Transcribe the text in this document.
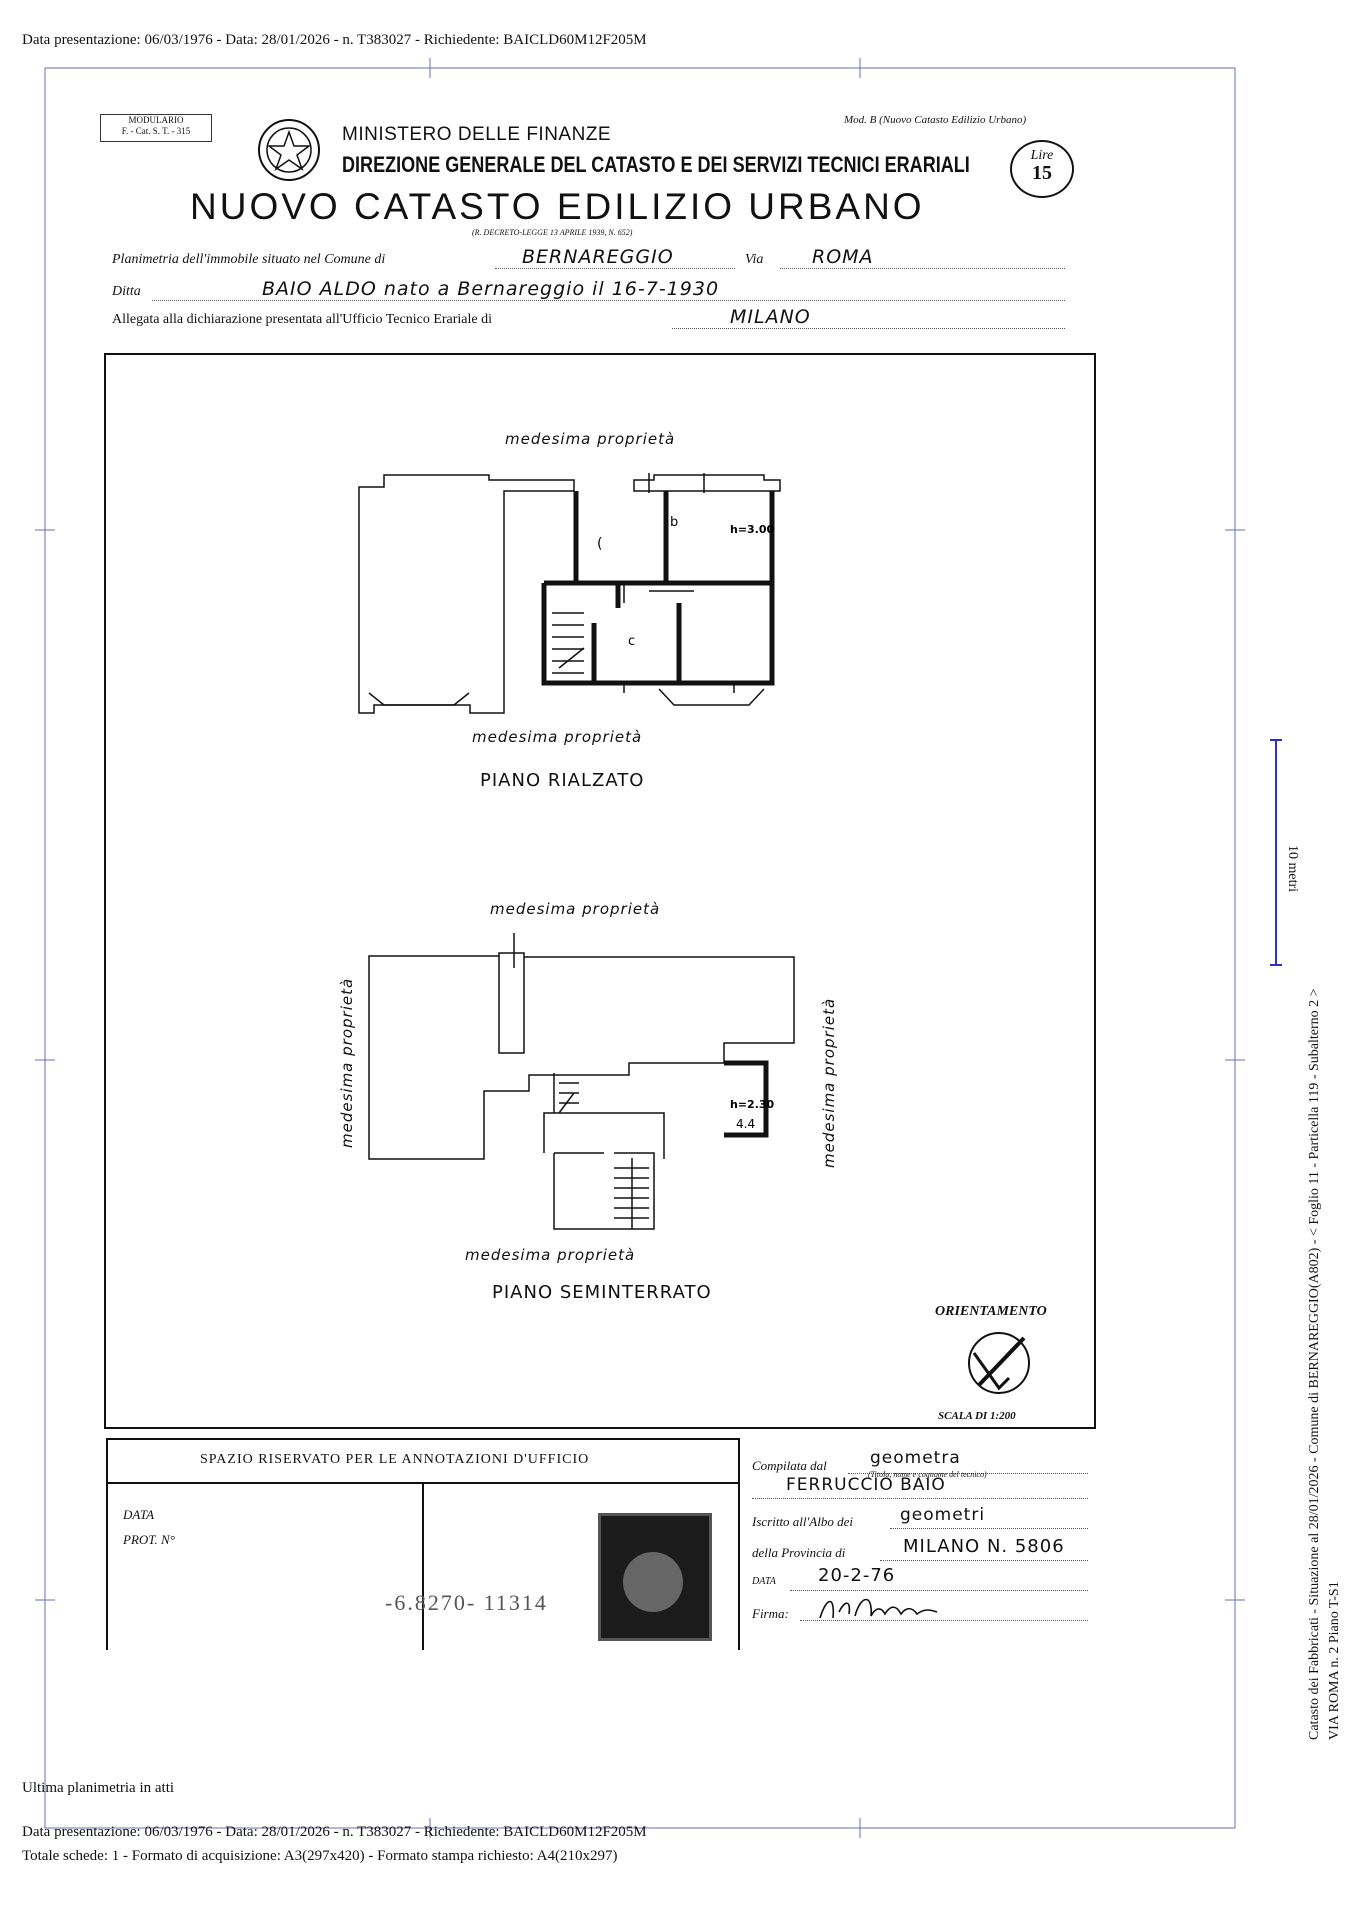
Data presentazione: 06/03/1976 - Data: 28/01/2026 - n. T383027 - Richiedente: BAICLD60M12F205M
10 metri
MODULARIO
F. - Cat. S. T. - 315
Mod. B (Nuovo Catasto Edilizio Urbano)
MINISTERO DELLE FINANZE
DIREZIONE GENERALE DEL CATASTO E DEI SERVIZI TECNICI ERARIALI	Lire
15
NUOVO CATASTO EDILIZIO URBANO
(R. DECRETO-LEGGE 13 APRILE 1939, N. 652)
Planimetria dell'immobile situato nel Comune di	BERNAREGGIO	Via	ROMA
Ditta	BAIO ALDO nato a Bernareggio il 16-7-1930
Allegata alla dichiarazione presentata all'Ufficio Tecnico Erariale di	MILANO
(
b
c
h=3.00
h=2.30
4.4
medesima proprietà
medesima proprietà
PIANO RIALZATO
medesima proprietà
medesima proprietà	medesima proprietà
medesima proprietà
PIANO SEMINTERRATO
ORIENTAMENTO
SCALA DI 1:200
SPAZIO RISERVATO PER LE ANNOTAZIONI D'UFFICIO
DATA
PROT. N°
-6.8270- 11314
Compilata dal	geometra
(Titolo, nome e cognome del tecnico)
FERRUCCIO BAIO
Iscritto all'Albo dei	geometri
della Provincia di	MILANO N. 5806
DATA 20-2-76
Firma:	Catasto dei Fabbricati - Situazione al 28/01/2026 - Comune di BERNAREGGIO(A802) - < Foglio 11 - Particella 119 - Subalterno 2 > VIA ROMA n. 2 Piano T-S1
Ultima planimetria in atti
Data presentazione: 06/03/1976 - Data: 28/01/2026 - n. T383027 - Richiedente: BAICLD60M12F205M
Totale schede: 1 - Formato di acquisizione: A3(297x420) - Formato stampa richiesto: A4(210x297)
